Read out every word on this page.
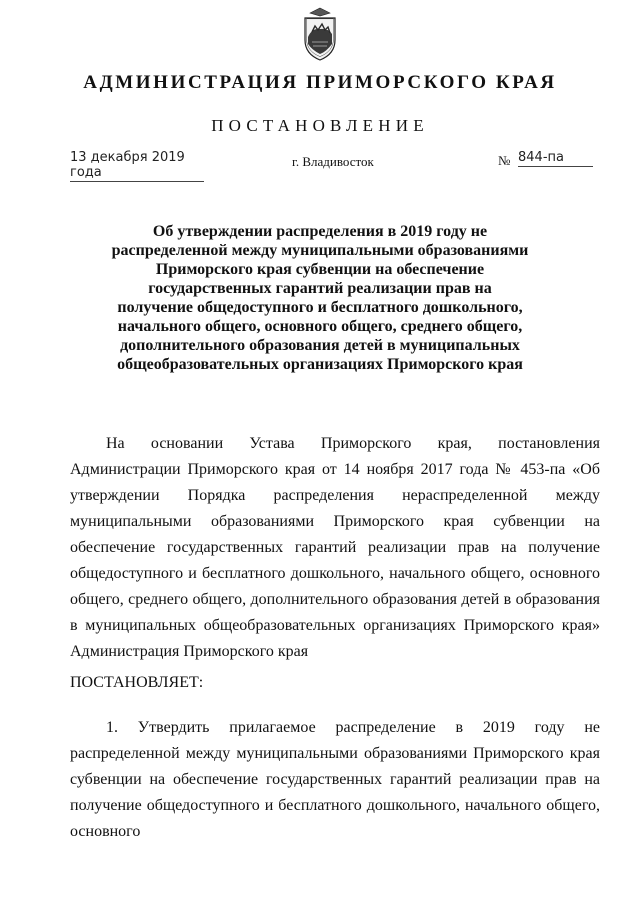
АДМИНИСТРАЦИЯ ПРИМОРСКОГО КРАЯ
ПОСТАНОВЛЕНИЕ
13 декабря 2019 года
г. Владивосток	№ 844-па
Об утверждении распределения в 2019 году не распределенной между муниципальными образованиями Приморского края субвенции на обеспечение государственных гарантий реализации прав на получение общедоступного и бесплатного дошкольного, начального общего, основного общего, среднего общего, дополнительного образования детей в муниципальных общеобразовательных организациях Приморского края
На основании Устава Приморского края, постановления Администрации Приморского края от 14 ноября 2017 года № 453-па «Об утверждении Порядка распределения нераспределенной между муниципальными образованиями Приморского края субвенции на обеспечение государственных гарантий реализации прав на получение общедоступного и бесплатного дошкольного, начального общего, основного общего, среднего общего, дополнительного образования детей в образования в муниципальных общеобразовательных организациях Приморского края» Администрация Приморского края
ПОСТАНОВЛЯЕТ:
1. Утвердить прилагаемое распределение в 2019 году не распределенной между муниципальными образованиями Приморского края субвенции на обеспечение государственных гарантий реализации прав на получение общедоступного и бесплатного дошкольного, начального общего, основного
